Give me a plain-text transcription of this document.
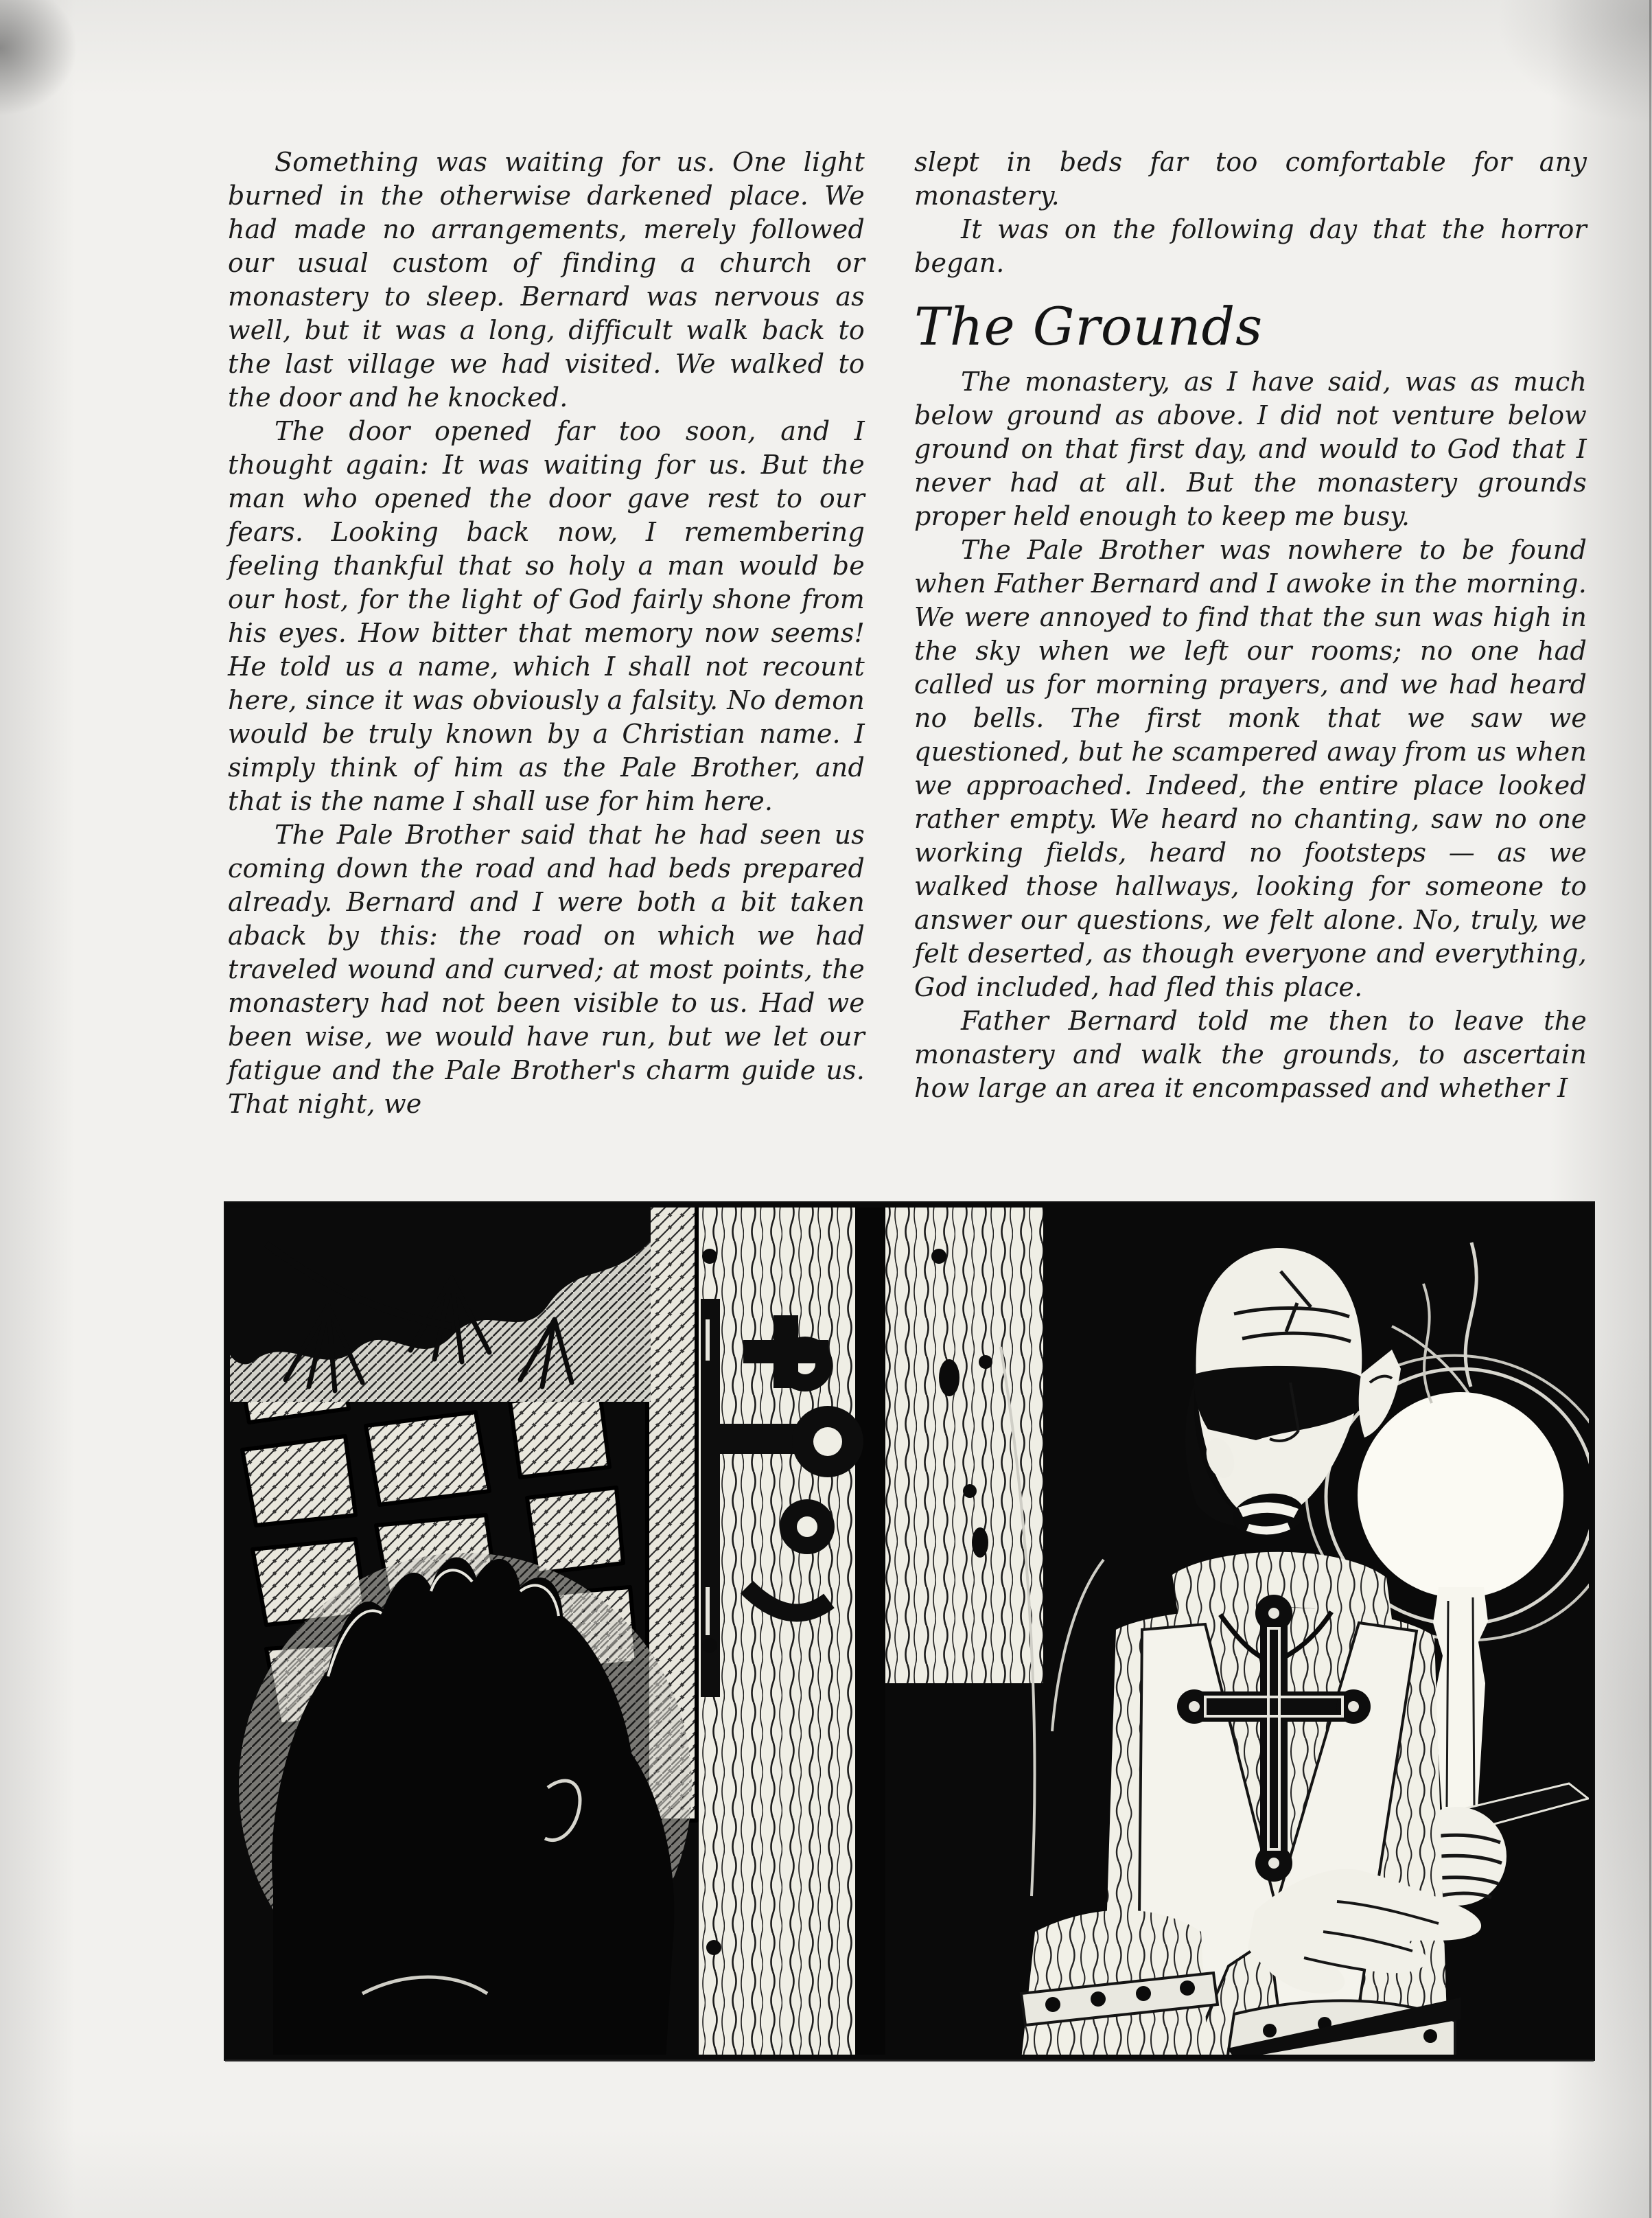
Something was waiting for us. One light burned in the otherwise darkened place. We had made no arrangements, merely followed our usual custom of finding a church or monastery to sleep. Bernard was nervous as well, but it was a long, difficult walk back to the last village we had visited. We walked to the door and he knocked.

The door opened far too soon, and I thought again: It was waiting for us. But the man who opened the door gave rest to our fears. Looking back now, I remembering feeling thankful that so holy a man would be our host, for the light of God fairly shone from his eyes. How bitter that memory now seems! He told us a name, which I shall not recount here, since it was obviously a falsity. No demon would be truly known by a Christian name. I simply think of him as the Pale Brother, and that is the name I shall use for him here.

The Pale Brother said that he had seen us coming down the road and had beds prepared already. Bernard and I were both a bit taken aback by this: the road on which we had traveled wound and curved; at most points, the monastery had not been visible to us. Had we been wise, we would have run, but we let our fatigue and the Pale Brother's charm guide us. That night, we

slept in beds far too comfortable for any monastery.

It was on the following day that the horror began.

The Grounds

The monastery, as I have said, was as much below ground as above. I did not venture below ground on that first day, and would to God that I never had at all. But the monastery grounds proper held enough to keep me busy.

The Pale Brother was nowhere to be found when Father Bernard and I awoke in the morning. We were annoyed to find that the sun was high in the sky when we left our rooms; no one had called us for morning prayers, and we had heard no bells. The first monk that we saw we questioned, but he scampered away from us when we approached. Indeed, the entire place looked rather empty. We heard no chanting, saw no one working fields, heard no footsteps — as we walked those hallways, looking for someone to answer our questions, we felt alone. No, truly, we felt deserted, as though everyone and everything, God included, had fled this place.

Father Bernard told me then to leave the monastery and walk the grounds, to ascertain how large an area it encompassed and whether I
